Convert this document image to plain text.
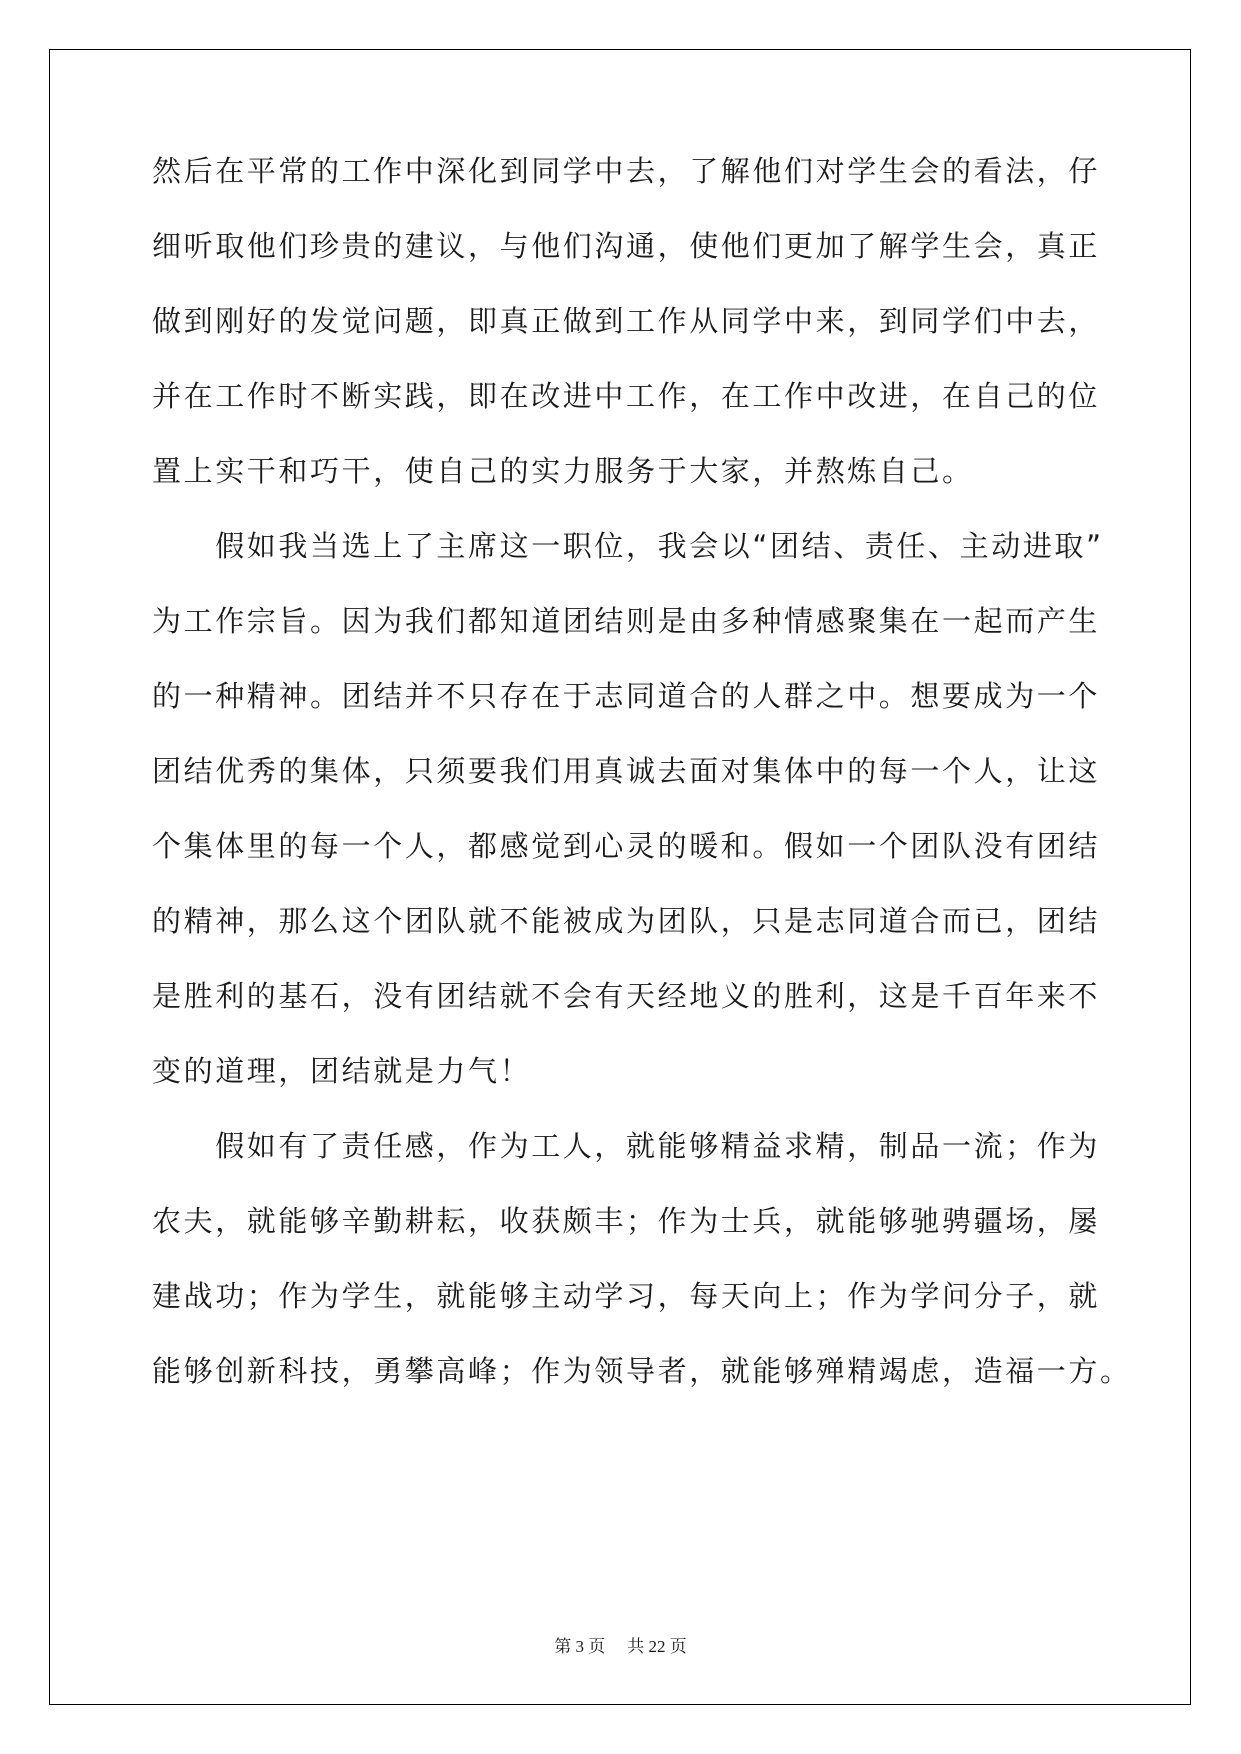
然后在平常的工作中深化到同学中去，了解他们对学生会的看法，仔
细听取他们珍贵的建议，与他们沟通，使他们更加了解学生会，真正
做到刚好的发觉问题，即真正做到工作从同学中来，到同学们中去，
并在工作时不断实践，即在改进中工作，在工作中改进，在自己的位
置上实干和巧干，使自己的实力服务于大家，并熬炼自己。
　　假如我当选上了主席这一职位，我会以“团结、责任、主动进取”
为工作宗旨。因为我们都知道团结则是由多种情感聚集在一起而产生
的一种精神。团结并不只存在于志同道合的人群之中。想要成为一个
团结优秀的集体，只须要我们用真诚去面对集体中的每一个人，让这
个集体里的每一个人，都感觉到心灵的暖和。假如一个团队没有团结
的精神，那么这个团队就不能被成为团队，只是志同道合而已，团结
是胜利的基石，没有团结就不会有天经地义的胜利，这是千百年来不
变的道理，团结就是力气！
　　假如有了责任感，作为工人，就能够精益求精，制品一流；作为
农夫，就能够辛勤耕耘，收获颇丰；作为士兵，就能够驰骋疆场，屡
建战功；作为学生，就能够主动学习，每天向上；作为学问分子，就
能够创新科技，勇攀高峰；作为领导者，就能够殚精竭虑，造福一方。
第 3 页 共 22 页
